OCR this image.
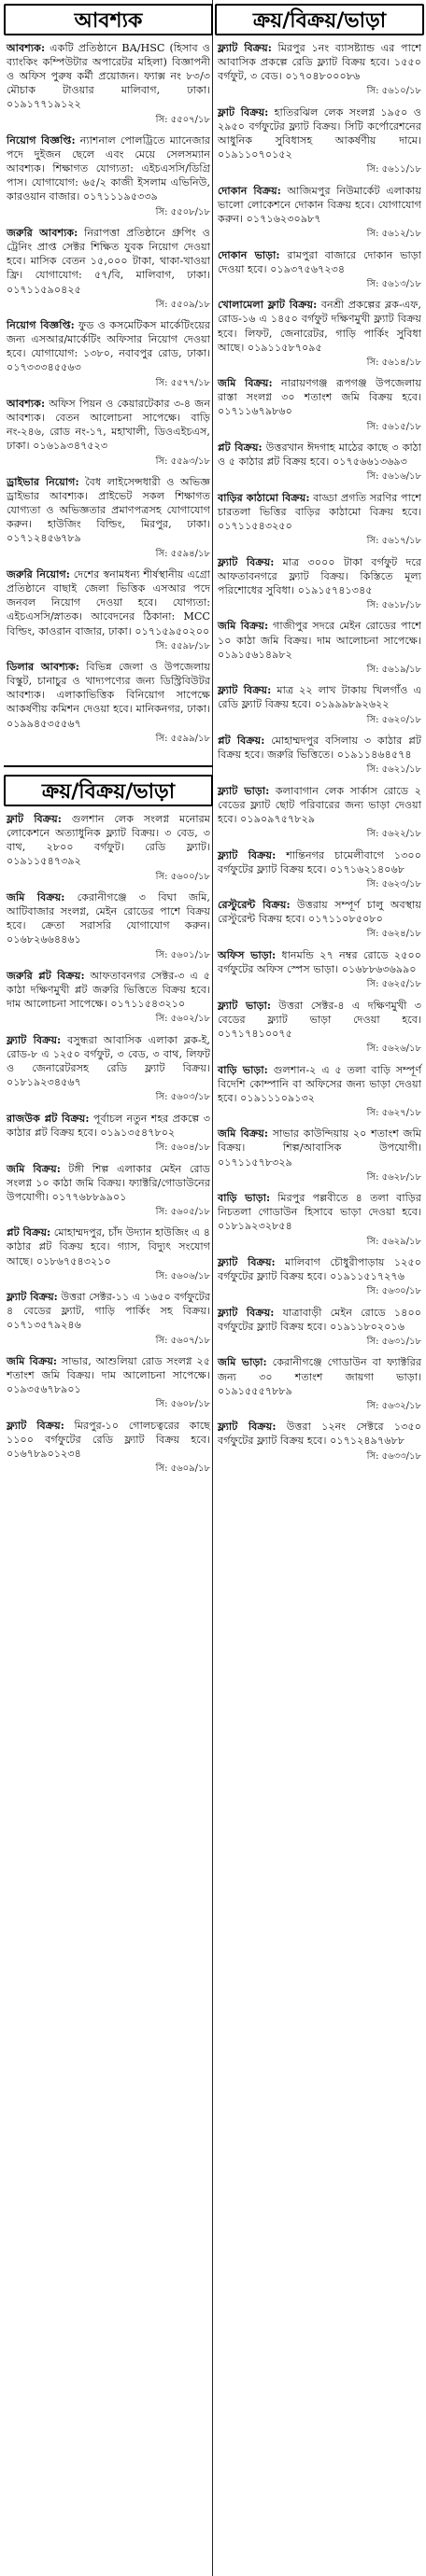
আবশ্যক
আবশ্যক: একটি প্রতিষ্ঠানে BA/HSC (হিসাব ও ব্যাংকিং কম্পিউটার অপারেটর মহিলা) বিজ্ঞাপনী ও অফিস পুরুষ কর্মী প্রয়োজন। ফ্যাক্স নং ৮৩/৩ মৌচাক টাওয়ার মালিবাগ, ঢাকা। ০১৯১৭৭১৯১২২
সি: ৫৫০৭/১৮
নিয়োগ বিজ্ঞপ্তি: ন্যাশনাল পোলট্রিতে ম্যানেজার পদে দুইজন ছেলে এবং মেয়ে সেলসম্যান আবশ্যক। শিক্ষাগত যোগ্যতা: এইচএসসি/ডিগ্রি পাস। যোগাযোগ: ৬৫/২ কাজী ইসলাম এভিনিউ, কারওয়ান বাজার। ০১৭১১১৯৫৩৩৯
সি: ৫৫০৮/১৮
জরুরি আবশ্যক: নিরাপত্তা প্রতিষ্ঠানে গ্রুপিং ও ট্রেনিং প্রাপ্ত সেক্টর শিক্ষিত যুবক নিয়োগ দেওয়া হবে। মাসিক বেতন ১৫,০০০ টাকা, থাকা-খাওয়া ফ্রি। যোগাযোগ: ৫৭/বি, মালিবাগ, ঢাকা। ০১৭১১৫৯০৪২৫
সি: ৫৫০৯/১৮
নিয়োগ বিজ্ঞপ্তি: ফুড ও কসমেটিকস মার্কেটিংয়ের জন্য এসআর/মার্কেটিং অফিসার নিয়োগ দেওয়া হবে। যোগাযোগ: ১৩৮০, নবাবপুর রোড, ঢাকা। ০১৭৩৩৩৪৫৫৬৩
সি: ৫৫৭৭/১৮
আবশ্যক: অফিস পিয়ন ও কেয়ারটেকার ৩-৪ জন আবশ্যক। বেতন আলোচনা সাপেক্ষে। বাড়ি নং-২৪৬, রোড নং-১৭, মহাখালী, ডিওএইচএস, ঢাকা। ০১৬১৯৩৪৭৫২৩
সি: ৫৫৯৩/১৮
ড্রাইভার নিয়োগ: বৈধ লাইসেন্সধারী ও অভিজ্ঞ ড্রাইভার আবশ্যক। প্রাইভেট সকল শিক্ষাগত যোগ্যতা ও অভিজ্ঞতার প্রমাণপত্রসহ যোগাযোগ করুন। হাউজিং বিল্ডিং, মিরপুর, ঢাকা। ০১৭১২৪৫৬৭৮৯
সি: ৫৫৯৪/১৮
জরুরি নিয়োগ: দেশের স্বনামধন্য শীর্ষস্থানীয় এগ্রো প্রতিষ্ঠানে বাছাই জেলা ভিত্তিক এসআর পদে জনবল নিয়োগ দেওয়া হবে। যোগ্যতা: এইচএসসি/স্নাতক। আবেদনের ঠিকানা: MCC বিল্ডিং, কাওরান বাজার, ঢাকা। ০১৭১৫৯৫০২০০
সি: ৫৫৯৮/১৮
ডিলার আবশ্যক: বিভিন্ন জেলা ও উপজেলায় বিস্কুট, চানাচুর ও খাদ্যপণ্যের জন্য ডিস্ট্রিবিউটর আবশ্যক। এলাকাভিত্তিক বিনিয়োগ সাপেক্ষে আকর্ষণীয় কমিশন দেওয়া হবে। মানিকনগর, ঢাকা। ০১৯৯৪৫৩৫৫৬৭
সি: ৫৫৯৯/১৮
ক্রয়/বিক্রয়/ভাড়া
ফ্লাট বিক্রয়: গুলশান লেক সংলগ্ন মনোরম লোকেশনে অত্যাধুনিক ফ্ল্যাট বিক্রয়। ৩ বেড, ৩ বাথ, ২৮০০ বর্গফুট। রেডি ফ্ল্যাট। ০১৯১১৫৪৭৩৯২
সি: ৫৬০০/১৮
জমি বিক্রয়: কেরানীগঞ্জে ৩ বিঘা জমি, আটিবাজার সংলগ্ন, মেইন রোডের পাশে বিক্রয় হবে। ক্রেতা সরাসরি যোগাযোগ করুন। ০১৬৮২৬৬৪৪৬১
সি: ৫৬০১/১৮
জরুরি প্লট বিক্রয়: আফতাবনগর সেক্টর-৩ এ ৫ কাঠা দক্ষিণমুখী প্লট জরুরি ভিত্তিতে বিক্রয় হবে। দাম আলোচনা সাপেক্ষে। ০১৭১১৫৪৩২১০
সি: ৫৬০২/১৮
ফ্ল্যাট বিক্রয়: বসুন্ধরা আবাসিক এলাকা ব্লক-ই, রোড-৮ এ ১২৫০ বর্গফুট, ৩ বেড, ৩ বাথ, লিফট ও জেনারেটরসহ রেডি ফ্ল্যাট বিক্রয়। ০১৮১৯২৩৪৫৬৭
সি: ৫৬০৩/১৮
রাজউক প্লট বিক্রয়: পূর্বাচল নতুন শহর প্রকল্পে ৩ কাঠার প্লট বিক্রয় হবে। ০১৯১৩৫৪৭৮০২
সি: ৫৬০৪/১৮
জমি বিক্রয়: টঙ্গী শিল্প এলাকার মেইন রোড সংলগ্ন ১০ কাঠা জমি বিক্রয়। ফ্যাক্টরি/গোডাউনের উপযোগী। ০১৭৭৬৮৮৯৯০১
সি: ৫৬০৫/১৮
প্লট বিক্রয়: মোহাম্মদপুর, চাঁদ উদ্যান হাউজিং এ ৪ কাঠার প্লট বিক্রয় হবে। গ্যাস, বিদ্যুৎ সংযোগ আছে। ০১৮৬৭৫৪৩২১০
সি: ৫৬০৬/১৮
ফ্ল্যাট বিক্রয়: উত্তরা সেক্টর-১১ এ ১৬৫০ বর্গফুটের ৪ বেডের ফ্ল্যাট, গাড়ি পার্কিং সহ বিক্রয়। ০১৭১৩৫৭৯২৪৬
সি: ৫৬০৭/১৮
জমি বিক্রয়: সাভার, আশুলিয়া রোড সংলগ্ন ২৫ শতাংশ জমি বিক্রয়। দাম আলোচনা সাপেক্ষে। ০১৯৩৫৬৭৮৯০১
সি: ৫৬০৮/১৮
ফ্ল্যাট বিক্রয়: মিরপুর-১০ গোলচত্বরের কাছে ১১০০ বর্গফুটের রেডি ফ্ল্যাট বিক্রয় হবে। ০১৬৭৮৯০১২৩৪
সি: ৫৬০৯/১৮
ক্রয়/বিক্রয়/ভাড়া
ফ্ল্যাট বিক্রয়: মিরপুর ১নং ব্যাসষ্ট্যান্ড এর পাশে আবাসিক প্রকল্পে রেডি ফ্ল্যাট বিক্রয় হবে। ১৫৫০ বর্গফুট, ৩ বেড। ০১৭০৪৮০০০৮৬
সি: ৫৬১০/১৮
ফ্লাট বিক্রয়: হাতিরঝিল লেক সংলগ্ন ১৯৫০ ও ২৯৫০ বর্গফুটের ফ্ল্যাট বিক্রয়। সিটি কর্পোরেশনের আধুনিক সুবিধাসহ আকর্ষণীয় দামে। ০১৯১১০৭০১৫২
সি: ৫৬১১/১৮
দোকান বিক্রয়: আজিমপুর নিউমার্কেট এলাকায় ভালো লোকেশনে দোকান বিক্রয় হবে। যোগাযোগ করুন। ০১৭১৬২৩০৯৮৭
সি: ৫৬১২/১৮
দোকান ভাড়া: রামপুরা বাজারে দোকান ভাড়া দেওয়া হবে। ০১৯৩৭৫৬৭২৩৪
সি: ৫৬১৩/১৮
খোলামেলা ফ্লাট বিক্রয়: বনশ্রী প্রকল্পের ব্লক-এফ, রোড-১৬ এ ১৪৫০ বর্গফুট দক্ষিণমুখী ফ্ল্যাট বিক্রয় হবে। লিফট, জেনারেটর, গাড়ি পার্কিং সুবিধা আছে। ০১৯১১৫৮৭০৯৫
সি: ৫৬১৪/১৮
জমি বিক্রয়: নারায়ণগঞ্জ রূপগঞ্জ উপজেলায় রাস্তা সংলগ্ন ৩০ শতাংশ জমি বিক্রয় হবে। ০১৭১১৬৭৯৮৬০
সি: ৫৬১৫/১৮
প্লট বিক্রয়: উত্তরখান ঈদগাহ মাঠের কাছে ৩ কাঠা ও ৫ কাঠার প্লট বিক্রয় হবে। ০১৭৫৬৬১৩৬৯৩
সি: ৫৬১৬/১৮
বাড়ির কাঠামো বিক্রয়: বাড্ডা প্রগতি সরণির পাশে চারতলা ভিত্তির বাড়ির কাঠামো বিক্রয় হবে। ০১৭১১৫৪৩২৫০
সি: ৫৬১৭/১৮
ফ্ল্যাট বিক্রয়: মাত্র ৩০০০ টাকা বর্গফুট দরে আফতাবনগরে ফ্ল্যাট বিক্রয়। কিস্তিতে মূল্য পরিশোধের সুবিধা। ০১৯১৫৭৪১৩৪৫
সি: ৫৬১৮/১৮
জমি বিক্রয়: গাজীপুর সদরে মেইন রোডের পাশে ১০ কাঠা জমি বিক্রয়। দাম আলোচনা সাপেক্ষে। ০১৯১৫৬১৪৯৮২
সি: ৫৬১৯/১৮
ফ্ল্যাট বিক্রয়: মাত্র ২২ লাখ টাকায় খিলগাঁও এ রেডি ফ্ল্যাট বিক্রয় হবে। ০১৯৯৯৮৯২৬২২
সি: ৫৬২০/১৮
প্লট বিক্রয়: মোহাম্মদপুর বসিলায় ৩ কাঠার প্লট বিক্রয় হবে। জরুরি ভিত্তিতে। ০১৯১১৪৬৪৫৭৪
সি: ৫৬২১/১৮
ফ্ল্যাট ভাড়া: কলাবাগান লেক সার্কাস রোডে ২ বেডের ফ্ল্যাট ছোট পরিবারের জন্য ভাড়া দেওয়া হবে। ০১৯০৯৭৫৭৮২৯
সি: ৫৬২২/১৮
ফ্ল্যাট বিক্রয়: শান্তিনগর চামেলীবাগে ১৩০০ বর্গফুটের ফ্ল্যাট বিক্রয় হবে। ০১৭১৬২১৪০৬৮
সি: ৫৬২৩/১৮
রেস্টুরেন্ট বিক্রয়: উত্তরায় সম্পূর্ণ চালু অবস্থায় রেস্টুরেন্ট বিক্রয় হবে। ০১৭১১০৮৫০৮০
সি: ৫৬২৪/১৮
অফিস ভাড়া: ধানমন্ডি ২৭ নম্বর রোডে ২৫০০ বর্গফুটের অফিস স্পেস ভাড়া। ০১৬৮৮৬৩৬৯৯০
সি: ৫৬২৫/১৮
ফ্ল্যাট ভাড়া: উত্তরা সেক্টর-৪ এ দক্ষিণমুখী ৩ বেডের ফ্ল্যাট ভাড়া দেওয়া হবে। ০১৭১৭৪১০০৭৫
সি: ৫৬২৬/১৮
বাড়ি ভাড়া: গুলশান-২ এ ৫ তলা বাড়ি সম্পূর্ণ বিদেশি কোম্পানি বা অফিসের জন্য ভাড়া দেওয়া হবে। ০১৯১১১০৯১৩২
সি: ৫৬২৭/১৮
জমি বিক্রয়: সাভার কাউন্দিয়ায় ২০ শতাংশ জমি বিক্রয়। শিল্প/আবাসিক উপযোগী। ০১৭১১৫৭৮৩২৯
সি: ৫৬২৮/১৮
বাড়ি ভাড়া: মিরপুর পল্লবীতে ৪ তলা বাড়ির নিচতলা গোডাউন হিসাবে ভাড়া দেওয়া হবে। ০১৮১৯২৩২৮৫৪
সি: ৫৬২৯/১৮
ফ্ল্যাট বিক্রয়: মালিবাগ চৌধুরীপাড়ায় ১২৫০ বর্গফুটের ফ্ল্যাট বিক্রয় হবে। ০১৯১১৫১৭২৭৬
সি: ৫৬৩০/১৮
ফ্ল্যাট বিক্রয়: যাত্রাবাড়ী মেইন রোডে ১৪০০ বর্গফুটের ফ্ল্যাট বিক্রয় হবে। ০১৯১১৮০২০১৬
সি: ৫৬৩১/১৮
জমি ভাড়া: কেরানীগঞ্জে গোডাউন বা ফ্যাক্টরির জন্য ৩০ শতাংশ জায়গা ভাড়া। ০১৯১৫৫৫৭৮৮৯
সি: ৫৬৩২/১৮
ফ্ল্যাট বিক্রয়: উত্তরা ১২নং সেক্টরে ১৩৫০ বর্গফুটের ফ্ল্যাট বিক্রয় হবে। ০১৭১২৪৯৭৬৮৮
সি: ৫৬৩৩/১৮
